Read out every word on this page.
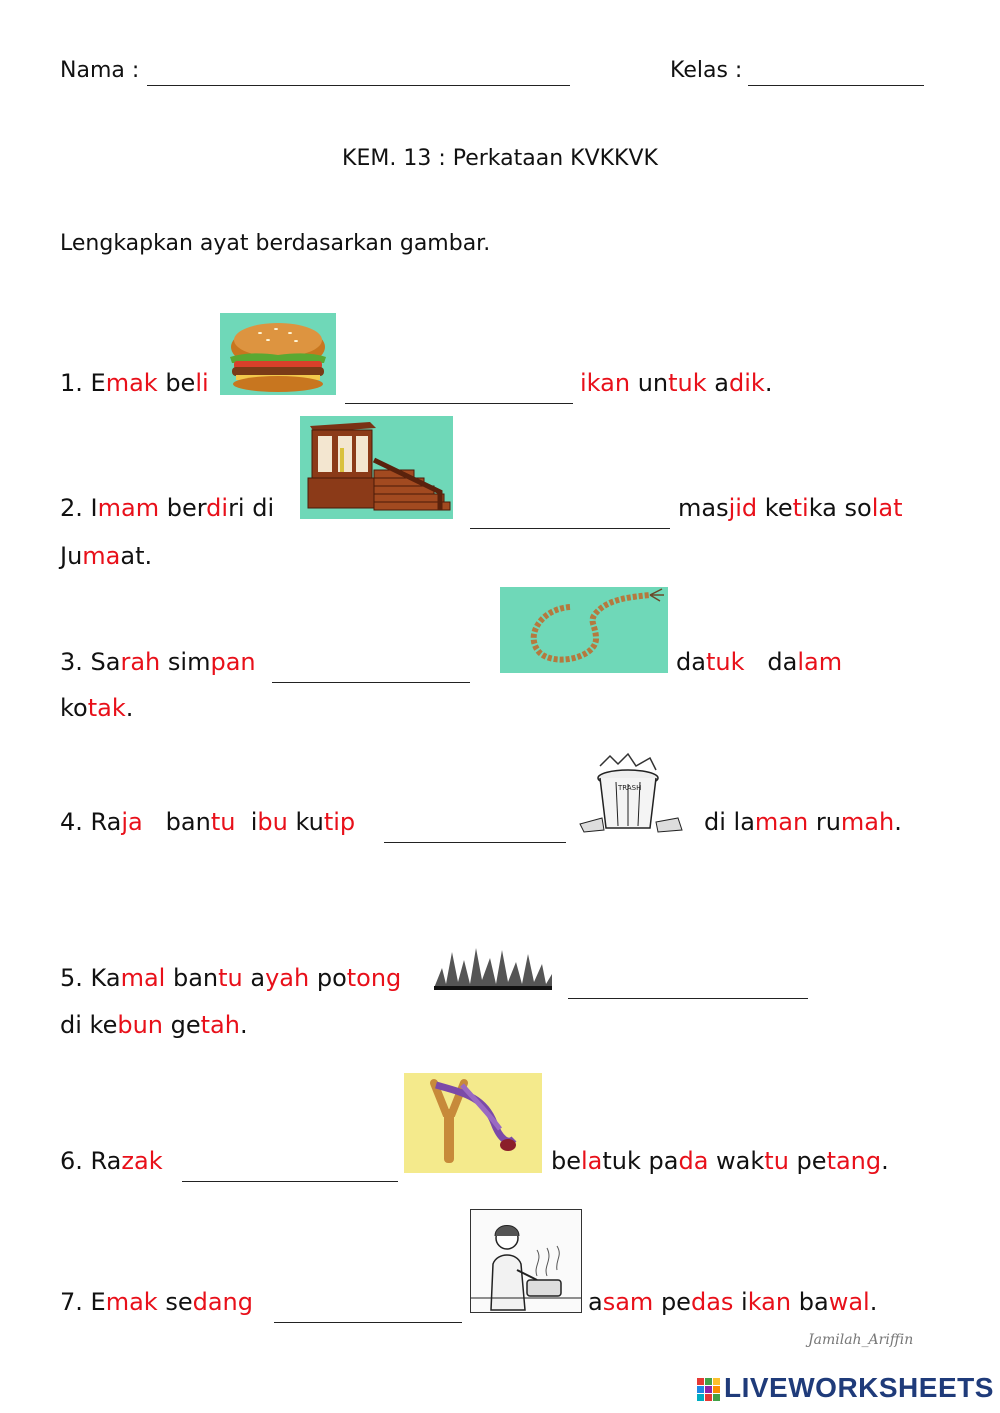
Nama :	Kelas :
KEM. 13 : Perkataan KVKKVK
Lengkapkan ayat berdasarkan gambar.
1. Emak beli	ikan untuk adik.
2. Imam berdiri di	masjid ketika solat
Jumaat.
3. Sarah simpan	datuk dalam
kotak.
4. Raja bantu ibu kutip
TRASH
di laman rumah.
5. Kamal bantu ayah potong
di kebun getah.
6. Razak	belatuk pada waktu petang.
7. Emak sedang	asam pedas ikan bawal.
Jamilah_Ariffin
LIVEWORKSHEETS
